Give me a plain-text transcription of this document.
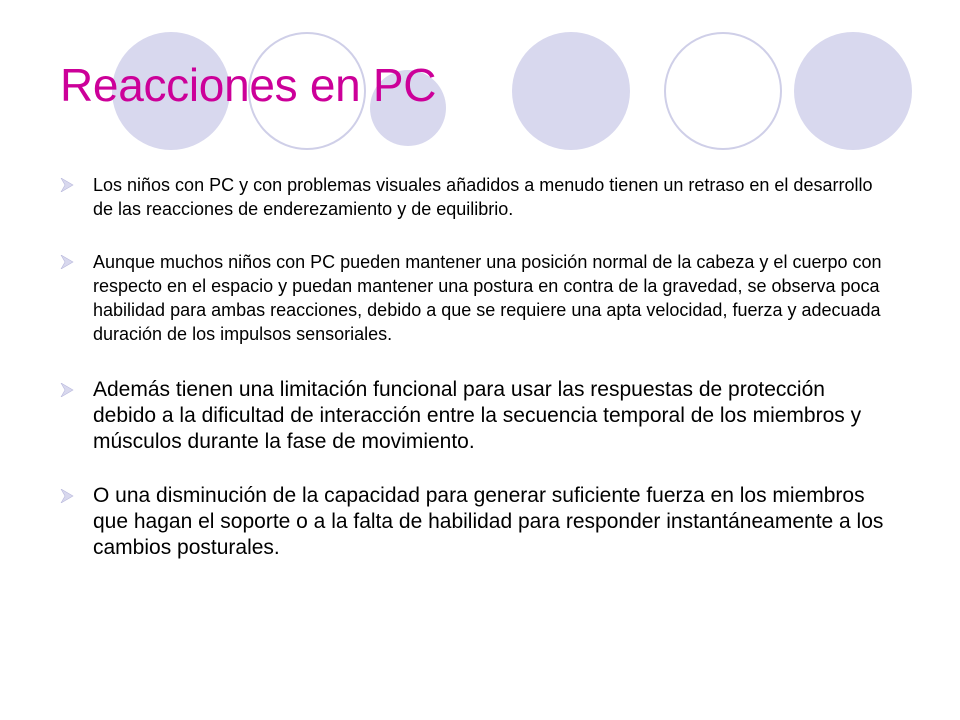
Reacciones en PC
Los niños con PC y con problemas visuales añadidos a menudo tienen un retraso en el desarrollo de las reacciones de enderezamiento y de equilibrio.
Aunque muchos niños con PC pueden mantener una posición normal de la cabeza y el cuerpo con respecto en el espacio y puedan mantener una postura en contra de la gravedad, se observa poca habilidad para ambas reacciones, debido a que se requiere una apta velocidad, fuerza y adecuada duración de los impulsos sensoriales.
Además tienen una limitación funcional para usar las respuestas de protección debido a la dificultad de interacción entre la secuencia temporal de los miembros y músculos durante la fase de movimiento.
O una disminución de la capacidad para generar suficiente fuerza en los miembros que hagan el soporte o a la falta de habilidad para responder instantáneamente a los cambios posturales.
